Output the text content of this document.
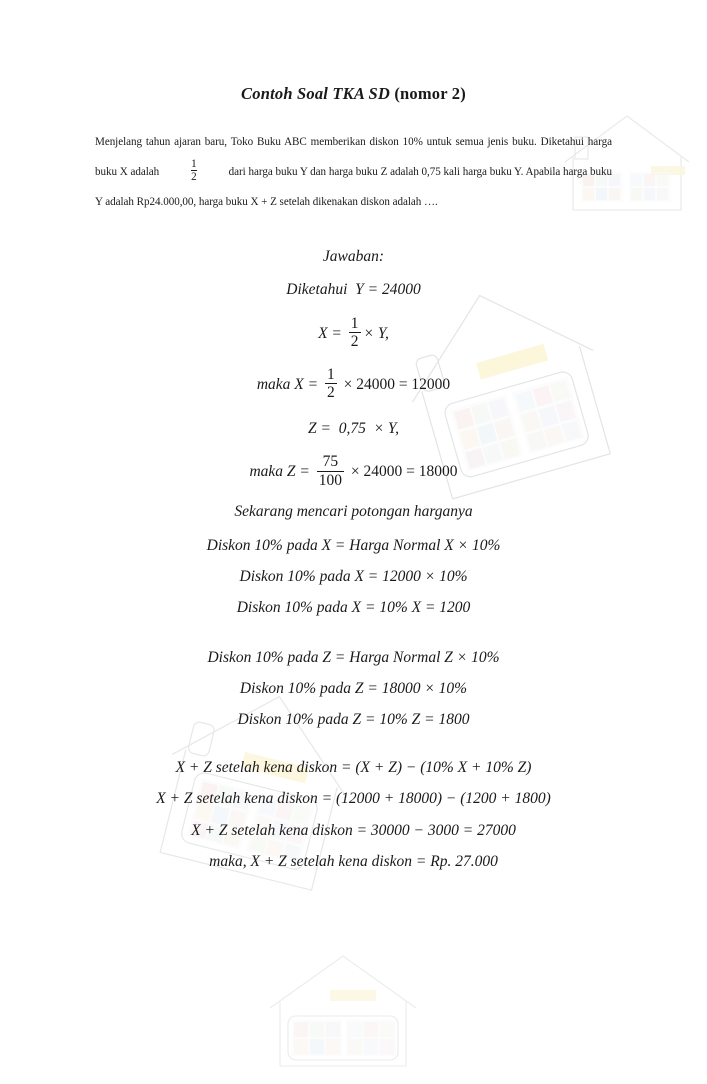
Contoh Soal TKA SD (nomor 2)

Menjelang tahun ajaran baru, Toko Buku ABC memberikan diskon 10% untuk semua jenis buku. Diketahui harga buku X adalah	$\frac{1}{2}$	dari harga buku Y dan harga buku Z adalah 0,75 kali harga buku Y. Apabila harga buku Y adalah Rp24.000,00, harga buku X + Z setelah dikenakan diskon adalah ….

Jawaban:
Diketahui  Y = 24000
$X = \frac{1}{2} \times Y$,
maka $X = \frac{1}{2} \times 24000 = 12000$
Z =  0,75  × Y,
maka $Z = \frac{75}{100} \times 24000 = 18000$
Sekarang mencari potongan harganya
Diskon 10% pada X = Harga Normal X × 10%
Diskon 10% pada X = 12000 × 10%
Diskon 10% pada X = 10% X = 1200
Diskon 10% pada Z = Harga Normal Z × 10%
Diskon 10% pada Z = 18000 × 10%
Diskon 10% pada Z = 10% Z = 1800
X + Z setelah kena diskon = (X + Z) − (10% X + 10% Z)
X + Z setelah kena diskon = (12000 + 18000) − (1200 + 1800)
X + Z setelah kena diskon = 30000 − 3000 = 27000
maka, X + Z setelah kena diskon = Rp. 27.000
